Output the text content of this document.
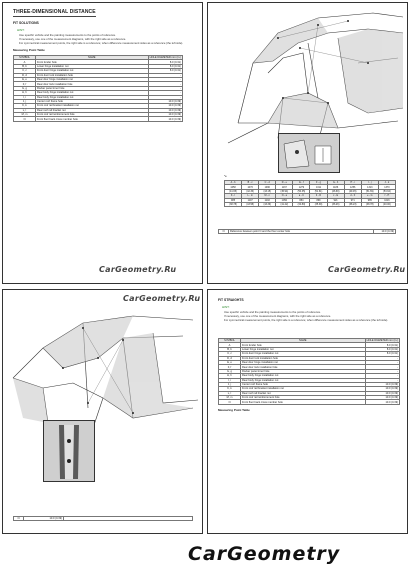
THREE-DIMENSIONAL DISTANCE
FIT SOLUTIONS
HINT:
Use specific vehicle and the painting measurements to the points of reference.
If necessary, use one of the measurement diagrams, with the right side as a reference.
For symmetrical measurement points, the right side is a reference; when difference measurement sides as a reference (the left side).
Measuring Point Table
SYMBOL	NAME	HOLE DIAMETER mm (in.)
A	Front fender hole	8.0 (0.31)
B, b	Lower hinge installation nut	8.0 (0.31)
C, c	Front door hinge installation nut	8.0 (0.31)
D, d	Front door lock installation hole	-
E, e	Rear door hinge installation nut	-
F, f	Rear door lock installation hole	-
G, g	Rocker panel inner hole	-
H, h	Rear body hinge installation nut	-
I, i	Rear body hinge installation nut	-
J, j	Center roof frame hole	10.0 (0.39)
K, k	Front roof rail bracket installation nut	10.0 (0.39)
L, l	Rear roof rail bracket nut	10.0 (0.39)
M, m	Front roof rail reinforcement hole	10.0 (0.39)
N	Front floor back cross member hole	10.0 (0.39)
CarGeometry.Ru
*a
A - b	B - c	C - d	D - e	E - f	F - g	G - h	H - i	I - j	J - k
1058	1076	1096	1167	1279	1311	1186	1256	1313	1370
(41.65)	(42.36)	(43.15)	(45.94)	(50.35)	(51.61)	(46.69)	(49.45)	(51.69)	(53.94)
K - l	L - m	M - n	N - a	a - C	b - D	c - E	d - F	e - G	f - H
985	1107	1102	1052	884	899	921	971	985	1016
(38.78)	(43.58)	(43.39)	(41.42)	(34.80)	(35.39)	(36.26)	(38.23)	(38.78)	(40.00)
N	Reference between point N and the floor center hole	10.0 (0.39)
CarGeometry.Ru
CarGeometry.Ru
N	10.0 (0.39)	
FIT STRAIGHTS
HINT:
Use specific vehicle and the painting measurements to the points of reference.
If necessary, use one of the measurement diagrams, with the right side as a reference.
For symmetrical measurement points, the right side is a reference; when difference measurement sides as a reference (the left side).
SYMBOL	NAME	HOLE DIAMETER mm (in.)
A	Front fender hole	8.0 (0.31)
B, b	Lower hinge installation nut	8.0 (0.31)
C, c	Front door hinge installation nut	8.0 (0.31)
D, d	Front door lock installation hole	-
E, e	Rear door hinge installation nut	-
F, f	Rear door lock installation hole	-
G, g	Rocker panel inner hole	-
H, h	Rear body hinge installation nut	-
I, i	Rear body hinge installation nut	-
J, j	Center roof frame hole	10.0 (0.39)
K, k	Front roof rail bracket installation nut	10.0 (0.39)
L, l	Rear roof rail bracket nut	10.0 (0.39)
M, m	Front roof rail reinforcement hole	10.0 (0.39)
N	Front floor back cross member hole	10.0 (0.39)
Measuring Point Table
CarGeometry
